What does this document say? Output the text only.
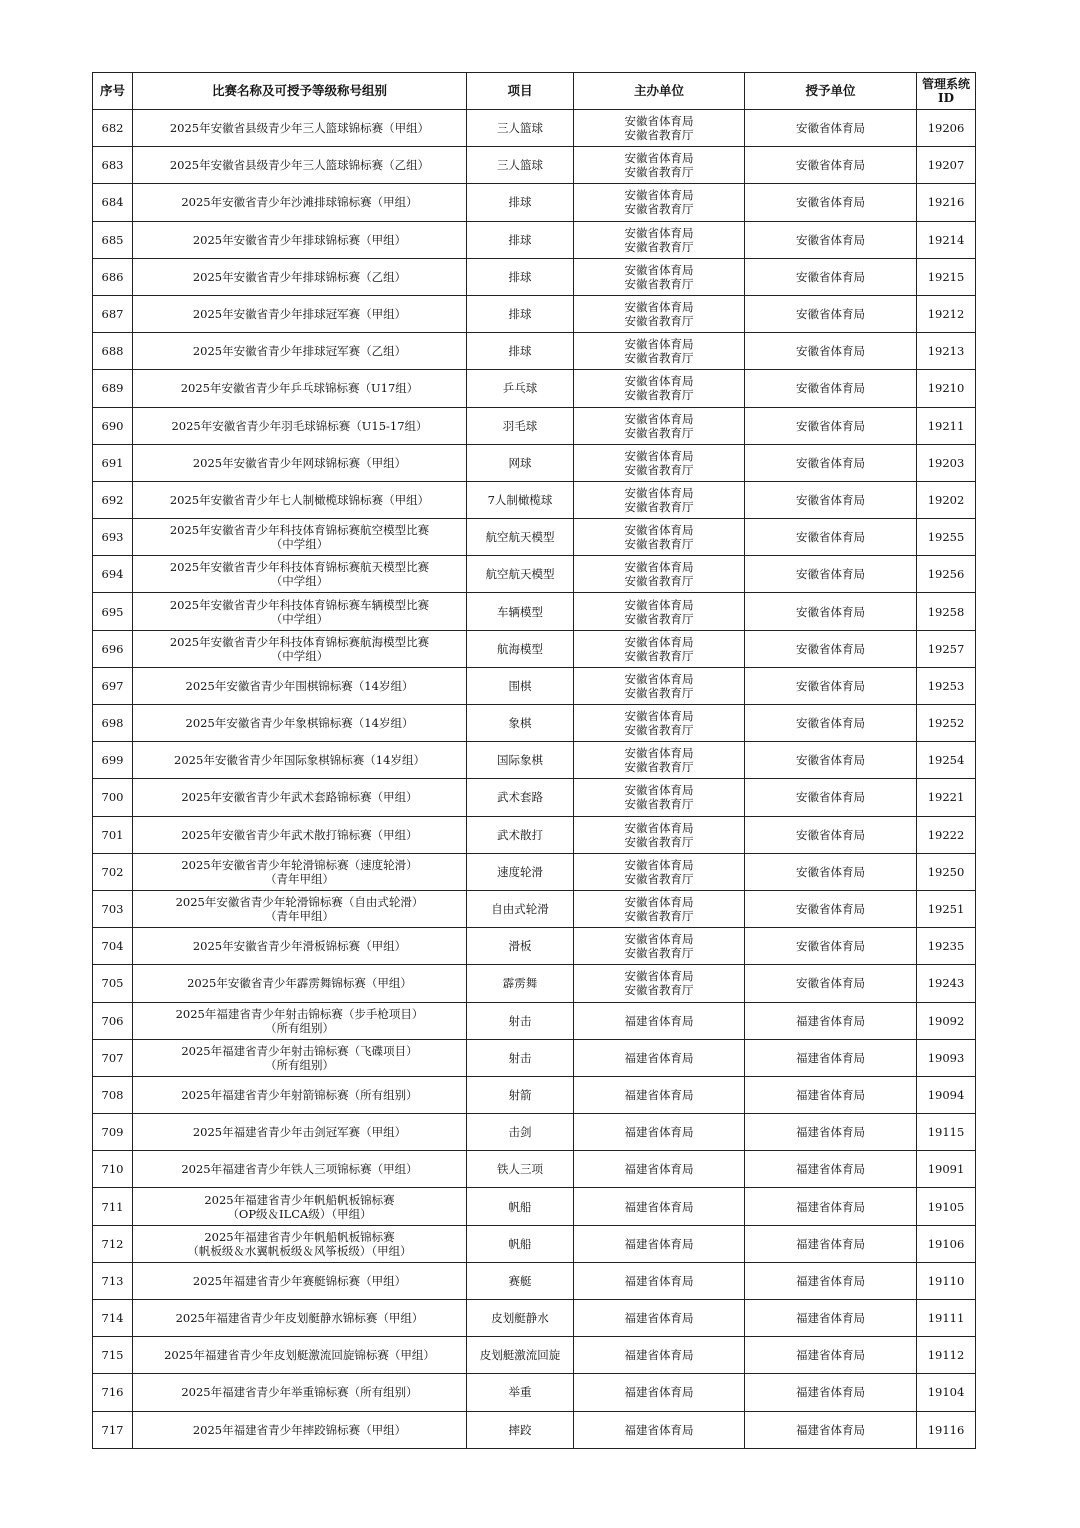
序号	比赛名称及可授予等级称号组别	项目	主办单位	授予单位	管理系统
ID

682	2025年安徽省县级青少年三人篮球锦标赛（甲组）	三人篮球	安徽省体育局
安徽省教育厅	安徽省体育局	19206
683	2025年安徽省县级青少年三人篮球锦标赛（乙组）	三人篮球	安徽省体育局
安徽省教育厅	安徽省体育局	19207
684	2025年安徽省青少年沙滩排球锦标赛（甲组）	排球	安徽省体育局
安徽省教育厅	安徽省体育局	19216
685	2025年安徽省青少年排球锦标赛（甲组）	排球	安徽省体育局
安徽省教育厅	安徽省体育局	19214
686	2025年安徽省青少年排球锦标赛（乙组）	排球	安徽省体育局
安徽省教育厅	安徽省体育局	19215
687	2025年安徽省青少年排球冠军赛（甲组）	排球	安徽省体育局
安徽省教育厅	安徽省体育局	19212
688	2025年安徽省青少年排球冠军赛（乙组）	排球	安徽省体育局
安徽省教育厅	安徽省体育局	19213
689	2025年安徽省青少年乒乓球锦标赛（U17组）	乒乓球	安徽省体育局
安徽省教育厅	安徽省体育局	19210
690	2025年安徽省青少年羽毛球锦标赛（U15-17组）	羽毛球	安徽省体育局
安徽省教育厅	安徽省体育局	19211
691	2025年安徽省青少年网球锦标赛（甲组）	网球	安徽省体育局
安徽省教育厅	安徽省体育局	19203
692	2025年安徽省青少年七人制橄榄球锦标赛（甲组）	7人制橄榄球	安徽省体育局
安徽省教育厅	安徽省体育局	19202
693	2025年安徽省青少年科技体育锦标赛航空模型比赛
（中学组）	航空航天模型	安徽省体育局
安徽省教育厅	安徽省体育局	19255
694	2025年安徽省青少年科技体育锦标赛航天模型比赛
（中学组）	航空航天模型	安徽省体育局
安徽省教育厅	安徽省体育局	19256
695	2025年安徽省青少年科技体育锦标赛车辆模型比赛
（中学组）	车辆模型	安徽省体育局
安徽省教育厅	安徽省体育局	19258
696	2025年安徽省青少年科技体育锦标赛航海模型比赛
（中学组）	航海模型	安徽省体育局
安徽省教育厅	安徽省体育局	19257
697	2025年安徽省青少年围棋锦标赛（14岁组）	围棋	安徽省体育局
安徽省教育厅	安徽省体育局	19253
698	2025年安徽省青少年象棋锦标赛（14岁组）	象棋	安徽省体育局
安徽省教育厅	安徽省体育局	19252
699	2025年安徽省青少年国际象棋锦标赛（14岁组）	国际象棋	安徽省体育局
安徽省教育厅	安徽省体育局	19254
700	2025年安徽省青少年武术套路锦标赛（甲组）	武术套路	安徽省体育局
安徽省教育厅	安徽省体育局	19221
701	2025年安徽省青少年武术散打锦标赛（甲组）	武术散打	安徽省体育局
安徽省教育厅	安徽省体育局	19222
702	2025年安徽省青少年轮滑锦标赛（速度轮滑）
（青年甲组）	速度轮滑	安徽省体育局
安徽省教育厅	安徽省体育局	19250
703	2025年安徽省青少年轮滑锦标赛（自由式轮滑）
（青年甲组）	自由式轮滑	安徽省体育局
安徽省教育厅	安徽省体育局	19251
704	2025年安徽省青少年滑板锦标赛（甲组）	滑板	安徽省体育局
安徽省教育厅	安徽省体育局	19235
705	2025年安徽省青少年霹雳舞锦标赛（甲组）	霹雳舞	安徽省体育局
安徽省教育厅	安徽省体育局	19243
706	2025年福建省青少年射击锦标赛（步手枪项目）
（所有组别）	射击	福建省体育局	福建省体育局	19092
707	2025年福建省青少年射击锦标赛（飞碟项目）
（所有组别）	射击	福建省体育局	福建省体育局	19093
708	2025年福建省青少年射箭锦标赛（所有组别）	射箭	福建省体育局	福建省体育局	19094
709	2025年福建省青少年击剑冠军赛（甲组）	击剑	福建省体育局	福建省体育局	19115
710	2025年福建省青少年铁人三项锦标赛（甲组）	铁人三项	福建省体育局	福建省体育局	19091
711	2025年福建省青少年帆船帆板锦标赛
（OP级＆ILCA级）（甲组）	帆船	福建省体育局	福建省体育局	19105
712	2025年福建省青少年帆船帆板锦标赛
（帆板级＆水翼帆板级＆风筝板级）（甲组）	帆船	福建省体育局	福建省体育局	19106
713	2025年福建省青少年赛艇锦标赛（甲组）	赛艇	福建省体育局	福建省体育局	19110
714	2025年福建省青少年皮划艇静水锦标赛（甲组）	皮划艇静水	福建省体育局	福建省体育局	19111
715	2025年福建省青少年皮划艇激流回旋锦标赛（甲组）	皮划艇激流回旋	福建省体育局	福建省体育局	19112
716	2025年福建省青少年举重锦标赛（所有组别）	举重	福建省体育局	福建省体育局	19104
717	2025年福建省青少年摔跤锦标赛（甲组）	摔跤	福建省体育局	福建省体育局	19116
